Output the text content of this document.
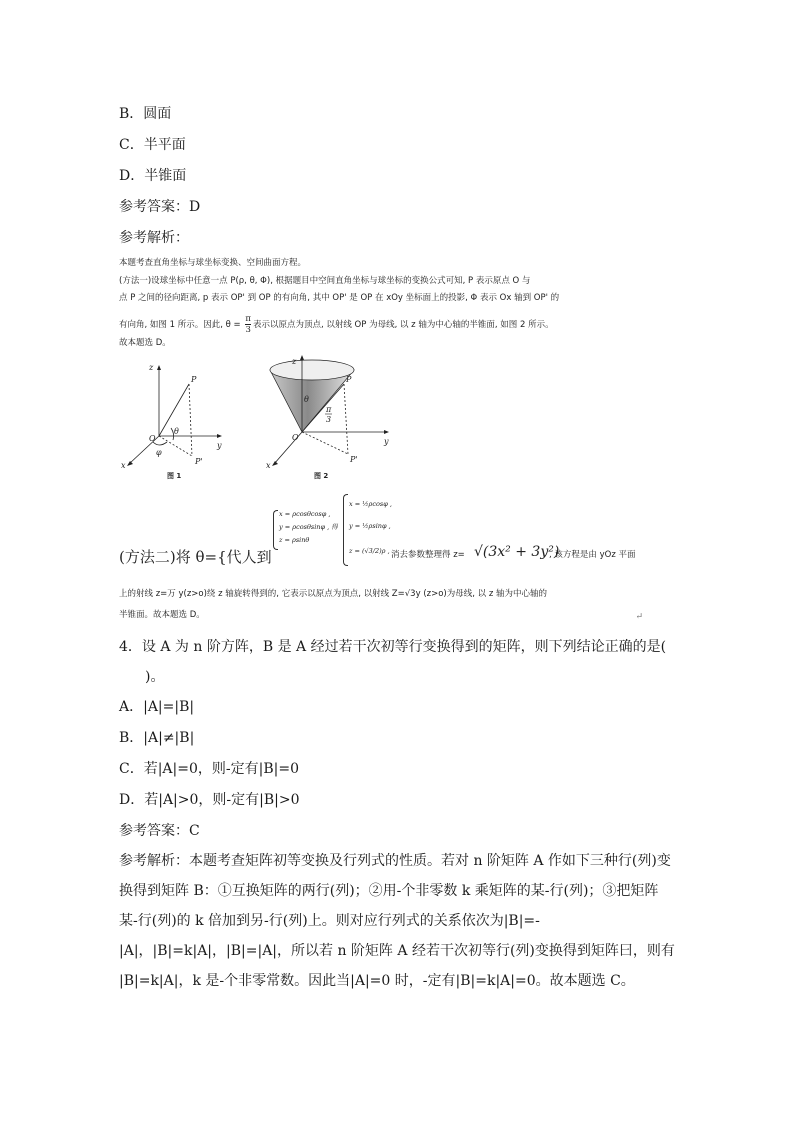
B．圆面
C．半平面
D．半锥面
参考答案：D
参考解析：
本题考查直角坐标与球坐标变换、空间曲面方程。
(方法一)设球坐标中任意一点 P(ρ, θ, Φ), 根据题目中空间直角坐标与球坐标的变换公式可知, P 表示原点 O 与
点 P 之间的径向距离, p 表示 OP' 到 OP 的有向角, 其中 OP' 是 OP 在 xOy 坐标面上的投影, Φ 表示 Ox 轴到 OP' 的
有向角, 如图 1 所示。因此, $\theta = \frac{\pi}{3}$ 表示以原点为顶点, 以射线 OP 为母线, 以 z 轴为中心轴的半锥面, 如图 2 所示。
故本题选 D。
z
P
O
θ
φ
y
x	P'
图 1
z
P
θ
π
3
O	y
x
P'
图 2
(方法二)将 θ={代人到
x = ρcosθcosφ ,
y = ρcosθsinφ , 得
z = ρsinθ
x = ½ρcosφ ,
y = ½ρsinφ ,
z = (√3/2)ρ , 消去参数整理得 z= √(3x² + 3y²)
, 该方程是由 yOz 平面
上的射线 z=万 y(z>o)绕 z 轴旋转得到的, 它表示以原点为顶点, 以射线 Z=√3y (z>o)为母线, 以 z 轴为中心轴的
半锥面。故本题选 D。	↵
4．设 A 为 n 阶方阵，B 是 A 经过若干次初等行变换得到的矩阵，则下列结论正确的是(
)。
A．|A|=|B|
B．|A|≠|B|
C．若|A|=0，则-定有|B|=0
D．若|A|>0，则-定有|B|>0
参考答案：C
参考解析：本题考查矩阵初等变换及行列式的性质。若对 n 阶矩阵 A 作如下三种行(列)变
换得到矩阵 B：①互换矩阵的两行(列)；②用-个非零数 k 乘矩阵的某-行(列)；③把矩阵
某-行(列)的 k 倍加到另-行(列)上。则对应行列式的关系依次为|B|=-
|A|，|B|=k|A|，|B|=|A|，所以若 n 阶矩阵 A 经若干次初等行(列)变换得到矩阵曰，则有
|B|=k|A|，k 是-个非零常数。因此当|A|=0 时，-定有|B|=k|A|=0。故本题选 C。
